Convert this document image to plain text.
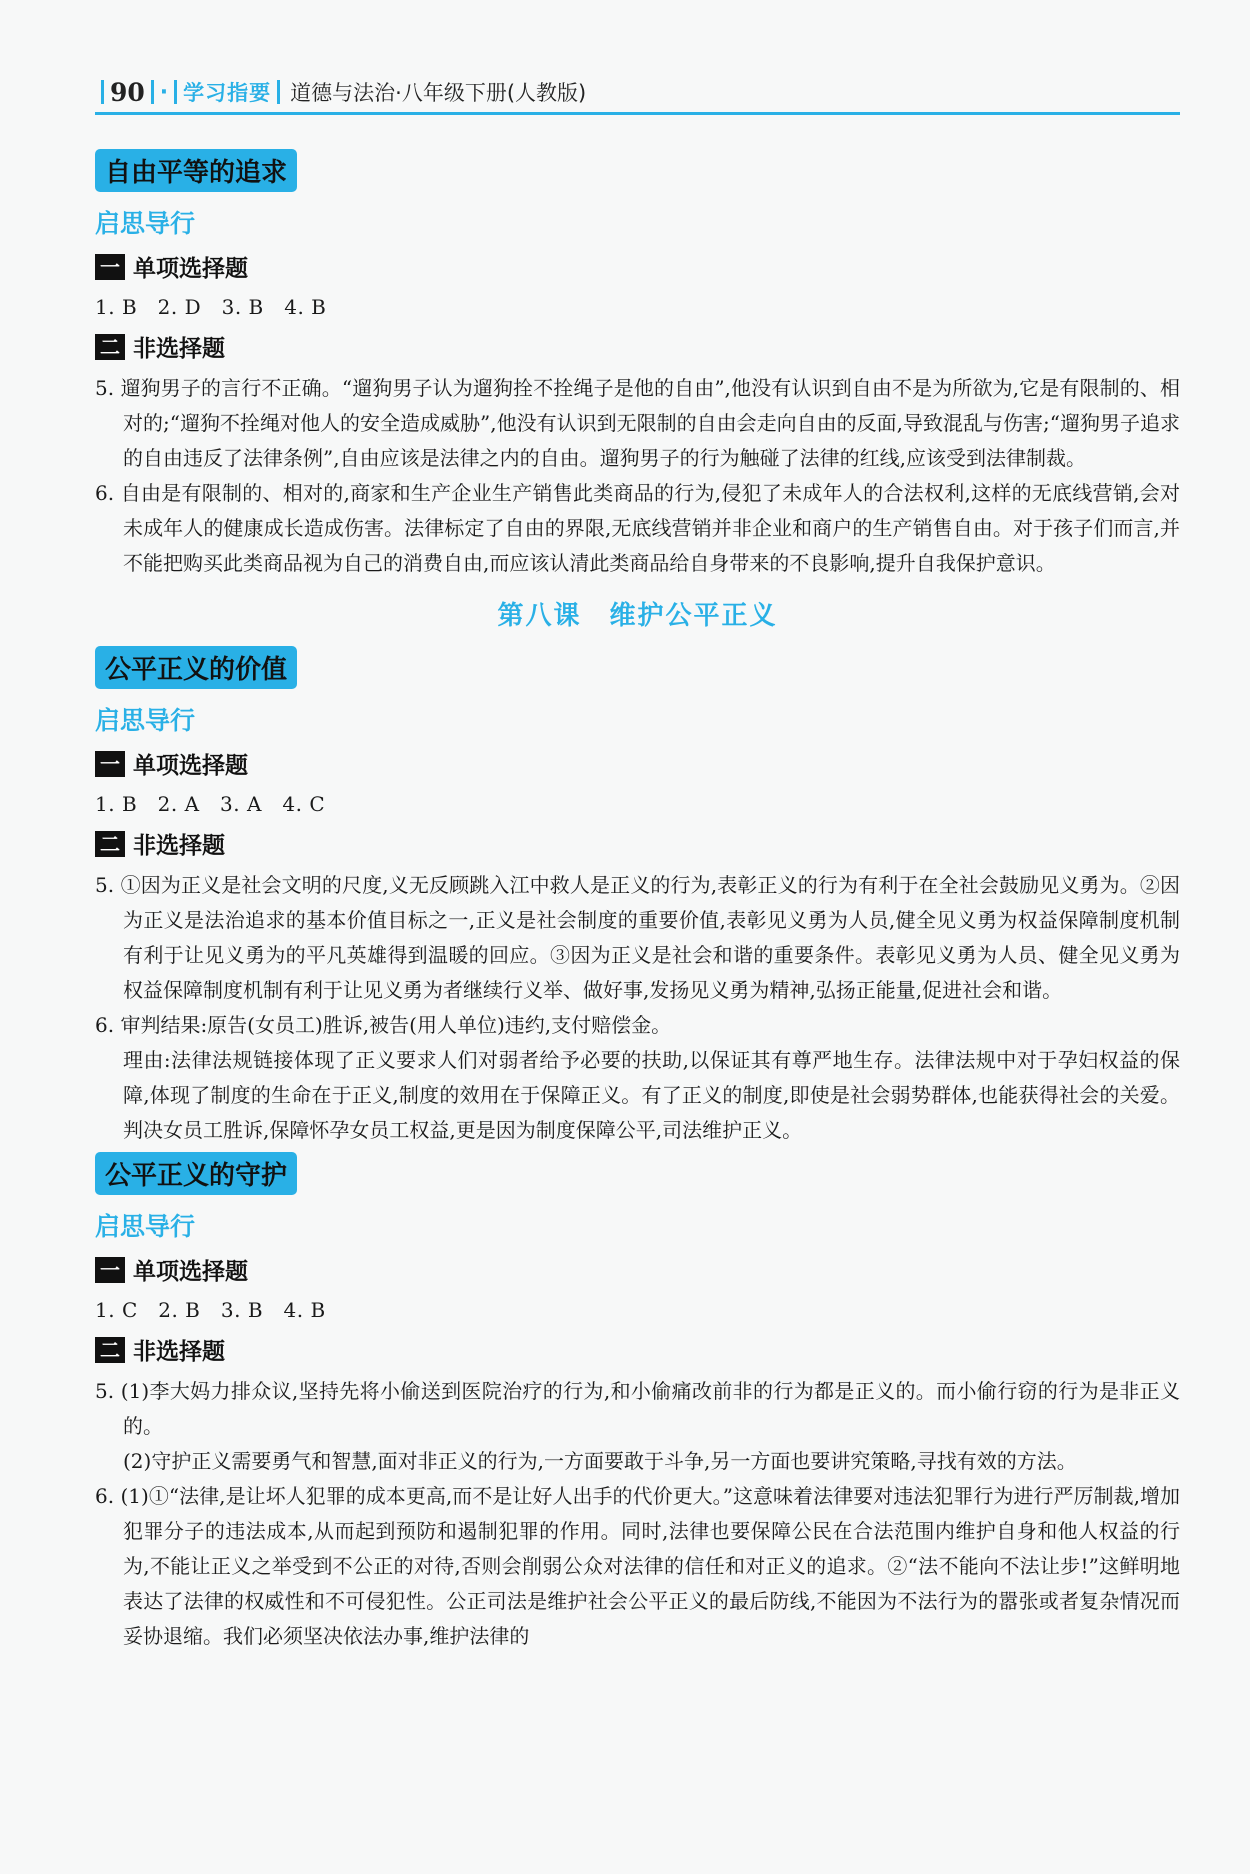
90 · 学习指要 道德与法治·八年级下册(人教版)
自由平等的追求
启思导行
一 单项选择题
1. B　2. D　3. B　4. B
二 非选择题

5. 遛狗男子的言行不正确。“遛狗男子认为遛狗拴不拴绳子是他的自由”,他没有认识到自由不是为所欲为,它是有限制的、相对的;“遛狗不拴绳对他人的安全造成威胁”,他没有认识到无限制的自由会走向自由的反面,导致混乱与伤害;“遛狗男子追求的自由违反了法律条例”,自由应该是法律之内的自由。遛狗男子的行为触碰了法律的红线,应该受到法律制裁。

6. 自由是有限制的、相对的,商家和生产企业生产销售此类商品的行为,侵犯了未成年人的合法权利,这样的无底线营销,会对未成年人的健康成长造成伤害。法律标定了自由的界限,无底线营销并非企业和商户的生产销售自由。对于孩子们而言,并不能把购买此类商品视为自己的消费自由,而应该认清此类商品给自身带来的不良影响,提升自我保护意识。

第八课　维护公平正义
公平正义的价值
启思导行
一 单项选择题
1. B　2. A　3. A　4. C
二 非选择题

5. ①因为正义是社会文明的尺度,义无反顾跳入江中救人是正义的行为,表彰正义的行为有利于在全社会鼓励见义勇为。②因为正义是法治追求的基本价值目标之一,正义是社会制度的重要价值,表彰见义勇为人员,健全见义勇为权益保障制度机制有利于让见义勇为的平凡英雄得到温暖的回应。③因为正义是社会和谐的重要条件。表彰见义勇为人员、健全见义勇为权益保障制度机制有利于让见义勇为者继续行义举、做好事,发扬见义勇为精神,弘扬正能量,促进社会和谐。

6. 审判结果:原告(女员工)胜诉,被告(用人单位)违约,支付赔偿金。

理由:法律法规链接体现了正义要求人们对弱者给予必要的扶助,以保证其有尊严地生存。法律法规中对于孕妇权益的保障,体现了制度的生命在于正义,制度的效用在于保障正义。有了正义的制度,即使是社会弱势群体,也能获得社会的关爱。判决女员工胜诉,保障怀孕女员工权益,更是因为制度保障公平,司法维护正义。

公平正义的守护
启思导行
一 单项选择题
1. C　2. B　3. B　4. B
二 非选择题

5. (1)李大妈力排众议,坚持先将小偷送到医院治疗的行为,和小偷痛改前非的行为都是正义的。而小偷行窃的行为是非正义的。

(2)守护正义需要勇气和智慧,面对非正义的行为,一方面要敢于斗争,另一方面也要讲究策略,寻找有效的方法。

6. (1)①“法律,是让坏人犯罪的成本更高,而不是让好人出手的代价更大。”这意味着法律要对违法犯罪行为进行严厉制裁,增加犯罪分子的违法成本,从而起到预防和遏制犯罪的作用。同时,法律也要保障公民在合法范围内维护自身和他人权益的行为,不能让正义之举受到不公正的对待,否则会削弱公众对法律的信任和对正义的追求。②“法不能向不法让步!”这鲜明地表达了法律的权威性和不可侵犯性。公正司法是维护社会公平正义的最后防线,不能因为不法行为的嚣张或者复杂情况而妥协退缩。我们必须坚决依法办事,维护法律的
